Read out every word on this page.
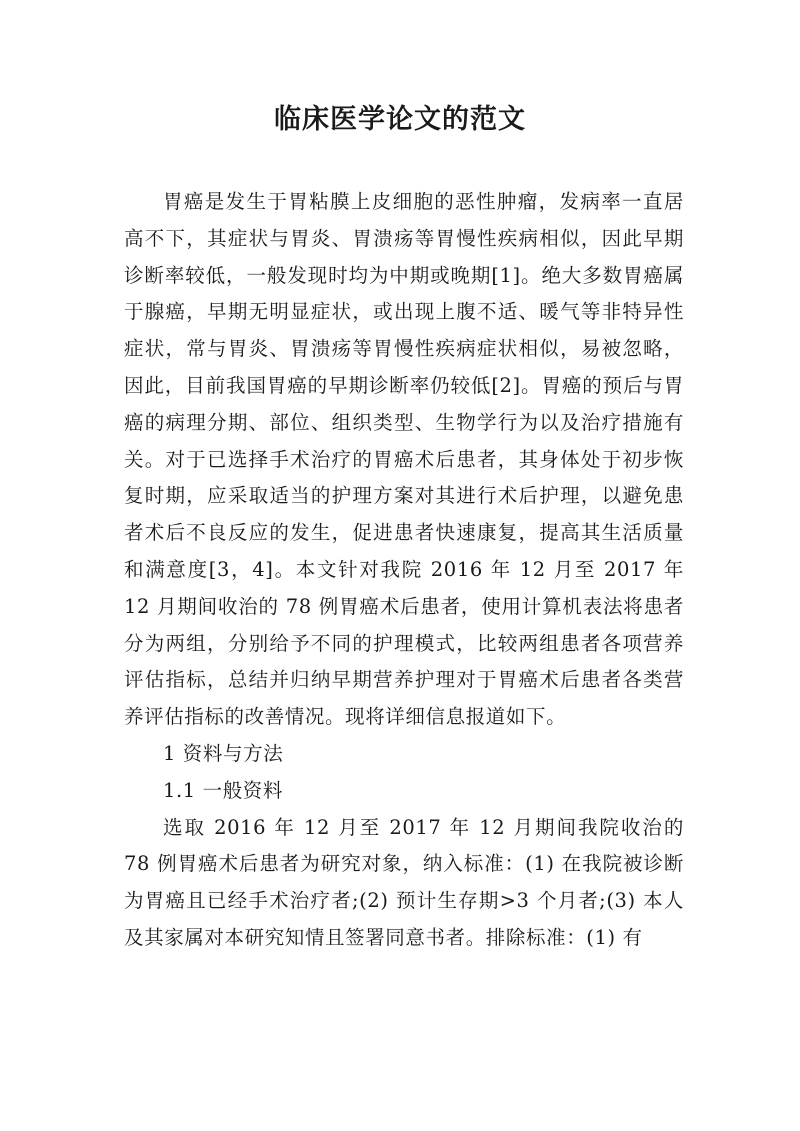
临床医学论文的范文

胃癌是发生于胃粘膜上皮细胞的恶性肿瘤，发病率一直居高不下，其症状与胃炎、胃溃疡等胃慢性疾病相似，因此早期诊断率较低，一般发现时均为中期或晚期[1]。绝大多数胃癌属于腺癌，早期无明显症状，或出现上腹不适、暖气等非特异性症状，常与胃炎、胃溃疡等胃慢性疾病症状相似，易被忽略，因此，目前我国胃癌的早期诊断率仍较低[2]。胃癌的预后与胃癌的病理分期、部位、组织类型、生物学行为以及治疗措施有关。对于已选择手术治疗的胃癌术后患者，其身体处于初步恢复时期，应采取适当的护理方案对其进行术后护理，以避免患者术后不良反应的发生，促进患者快速康复，提高其生活质量和满意度[3，4]。本文针对我院 2016 年 12 月至 2017 年 12 月期间收治的 78 例胃癌术后患者，使用计算机表法将患者分为两组，分别给予不同的护理模式，比较两组患者各项营养评估指标，总结并归纳早期营养护理对于胃癌术后患者各类营养评估指标的改善情况。现将详细信息报道如下。

1 资料与方法

1.1 一般资料

选取 2016 年 12 月至 2017 年 12 月期间我院收治的 78 例胃癌术后患者为研究对象，纳入标准：(1) 在我院被诊断为胃癌且已经手术治疗者;(2) 预计生存期>3 个月者;(3) 本人及其家属对本研究知情且签署同意书者。排除标准：(1) 有
